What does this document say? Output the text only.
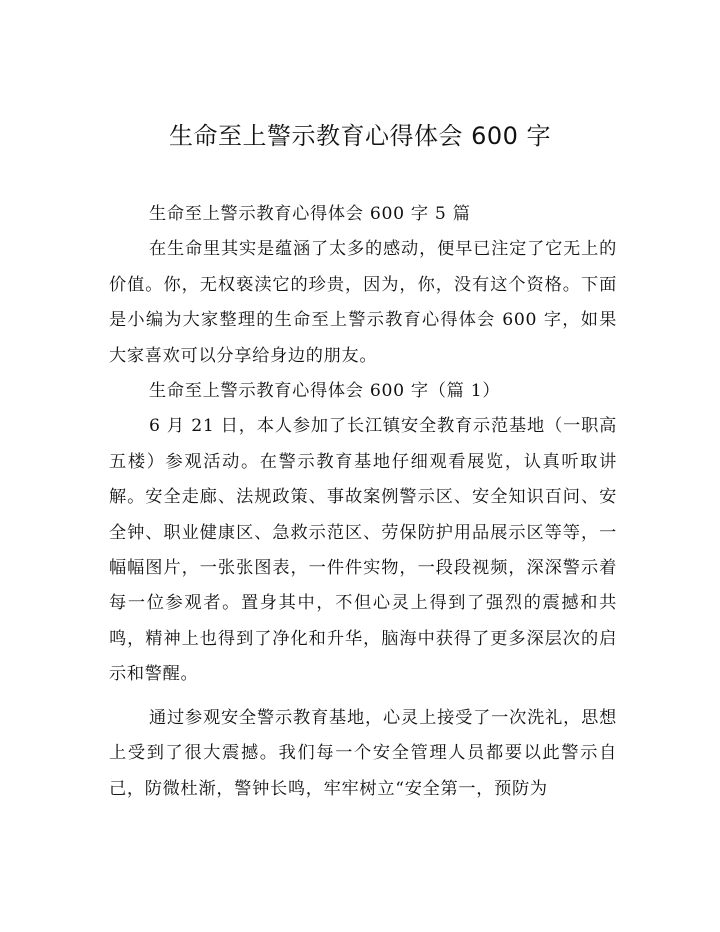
生命至上警示教育心得体会 600 字

生命至上警示教育心得体会 600 字 5 篇

在生命里其实是蕴涵了太多的感动，便早已注定了它无上的价值。你，无权亵渎它的珍贵，因为，你，没有这个资格。下面是小编为大家整理的生命至上警示教育心得体会 600 字，如果大家喜欢可以分享给身边的朋友。

生命至上警示教育心得体会 600 字（篇 1）

6 月 21 日，本人参加了长江镇安全教育示范基地（一职高五楼）参观活动。在警示教育基地仔细观看展览，认真听取讲解。安全走廊、法规政策、事故案例警示区、安全知识百问、安全钟、职业健康区、急救示范区、劳保防护用品展示区等等，一幅幅图片，一张张图表，一件件实物，一段段视频，深深警示着每一位参观者。置身其中，不但心灵上得到了强烈的震撼和共鸣，精神上也得到了净化和升华，脑海中获得了更多深层次的启示和警醒。

通过参观安全警示教育基地，心灵上接受了一次洗礼，思想上受到了很大震撼。我们每一个安全管理人员都要以此警示自己，防微杜渐，警钟长鸣，牢牢树立“安全第一，预防为
